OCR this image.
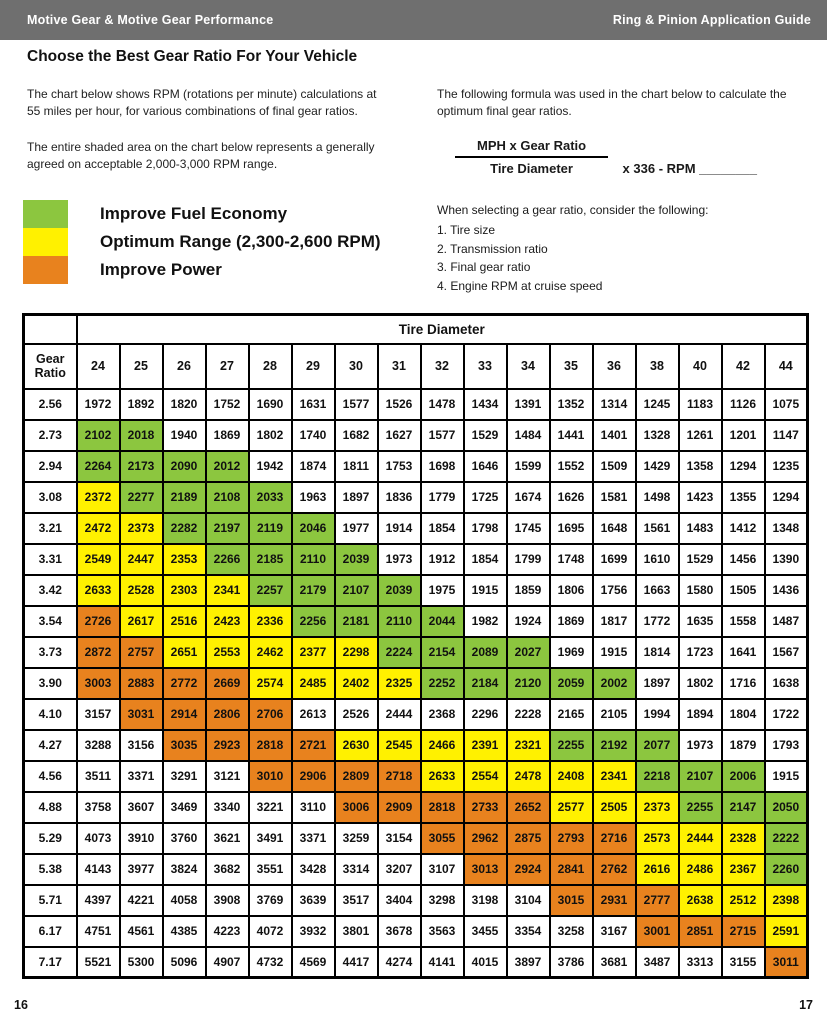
Motive Gear & Motive Gear Performance	Ring & Pinion Application Guide
Choose the Best Gear Ratio For Your Vehicle

The chart below shows RPM (rotations per minute) calculations at 55 miles per hour, for various combinations of final gear ratios.

The entire shaded area on the chart below represents a generally agreed on acceptable 2,000-3,000 RPM range.

The following formula was used in the chart below to calculate the optimum final gear ratios.

$\frac{\text{MPH x Gear Ratio}}{\text{Tire Diameter}}$ x 336 - RPM ________

When selecting a gear ratio, consider the following:

1. Tire size

2. Transmission ratio

3. Final gear ratio

4. Engine RPM at cruise speed

Improve Fuel Economy
Optimum Range (2,300-2,600 RPM)
Improve Power
	Tire Diameter																
Gear
Ratio	24	25	26	27	28	29	30	31	32	33	34	35	36	38	40	42	44
2.56	1972	1892	1820	1752	1690	1631	1577	1526	1478	1434	1391	1352	1314	1245	1183	1126	1075
2.73	2102	2018	1940	1869	1802	1740	1682	1627	1577	1529	1484	1441	1401	1328	1261	1201	1147
2.94	2264	2173	2090	2012	1942	1874	1811	1753	1698	1646	1599	1552	1509	1429	1358	1294	1235
3.08	2372	2277	2189	2108	2033	1963	1897	1836	1779	1725	1674	1626	1581	1498	1423	1355	1294
3.21	2472	2373	2282	2197	2119	2046	1977	1914	1854	1798	1745	1695	1648	1561	1483	1412	1348
3.31	2549	2447	2353	2266	2185	2110	2039	1973	1912	1854	1799	1748	1699	1610	1529	1456	1390
3.42	2633	2528	2303	2341	2257	2179	2107	2039	1975	1915	1859	1806	1756	1663	1580	1505	1436
3.54	2726	2617	2516	2423	2336	2256	2181	2110	2044	1982	1924	1869	1817	1772	1635	1558	1487
3.73	2872	2757	2651	2553	2462	2377	2298	2224	2154	2089	2027	1969	1915	1814	1723	1641	1567
3.90	3003	2883	2772	2669	2574	2485	2402	2325	2252	2184	2120	2059	2002	1897	1802	1716	1638
4.10	3157	3031	2914	2806	2706	2613	2526	2444	2368	2296	2228	2165	2105	1994	1894	1804	1722
4.27	3288	3156	3035	2923	2818	2721	2630	2545	2466	2391	2321	2255	2192	2077	1973	1879	1793
4.56	3511	3371	3291	3121	3010	2906	2809	2718	2633	2554	2478	2408	2341	2218	2107	2006	1915
4.88	3758	3607	3469	3340	3221	3110	3006	2909	2818	2733	2652	2577	2505	2373	2255	2147	2050
5.29	4073	3910	3760	3621	3491	3371	3259	3154	3055	2962	2875	2793	2716	2573	2444	2328	2222
5.38	4143	3977	3824	3682	3551	3428	3314	3207	3107	3013	2924	2841	2762	2616	2486	2367	2260
5.71	4397	4221	4058	3908	3769	3639	3517	3404	3298	3198	3104	3015	2931	2777	2638	2512	2398
6.17	4751	4561	4385	4223	4072	3932	3801	3678	3563	3455	3354	3258	3167	3001	2851	2715	2591
7.17	5521	5300	5096	4907	4732	4569	4417	4274	4141	4015	3897	3786	3681	3487	3313	3155	3011
16	17
